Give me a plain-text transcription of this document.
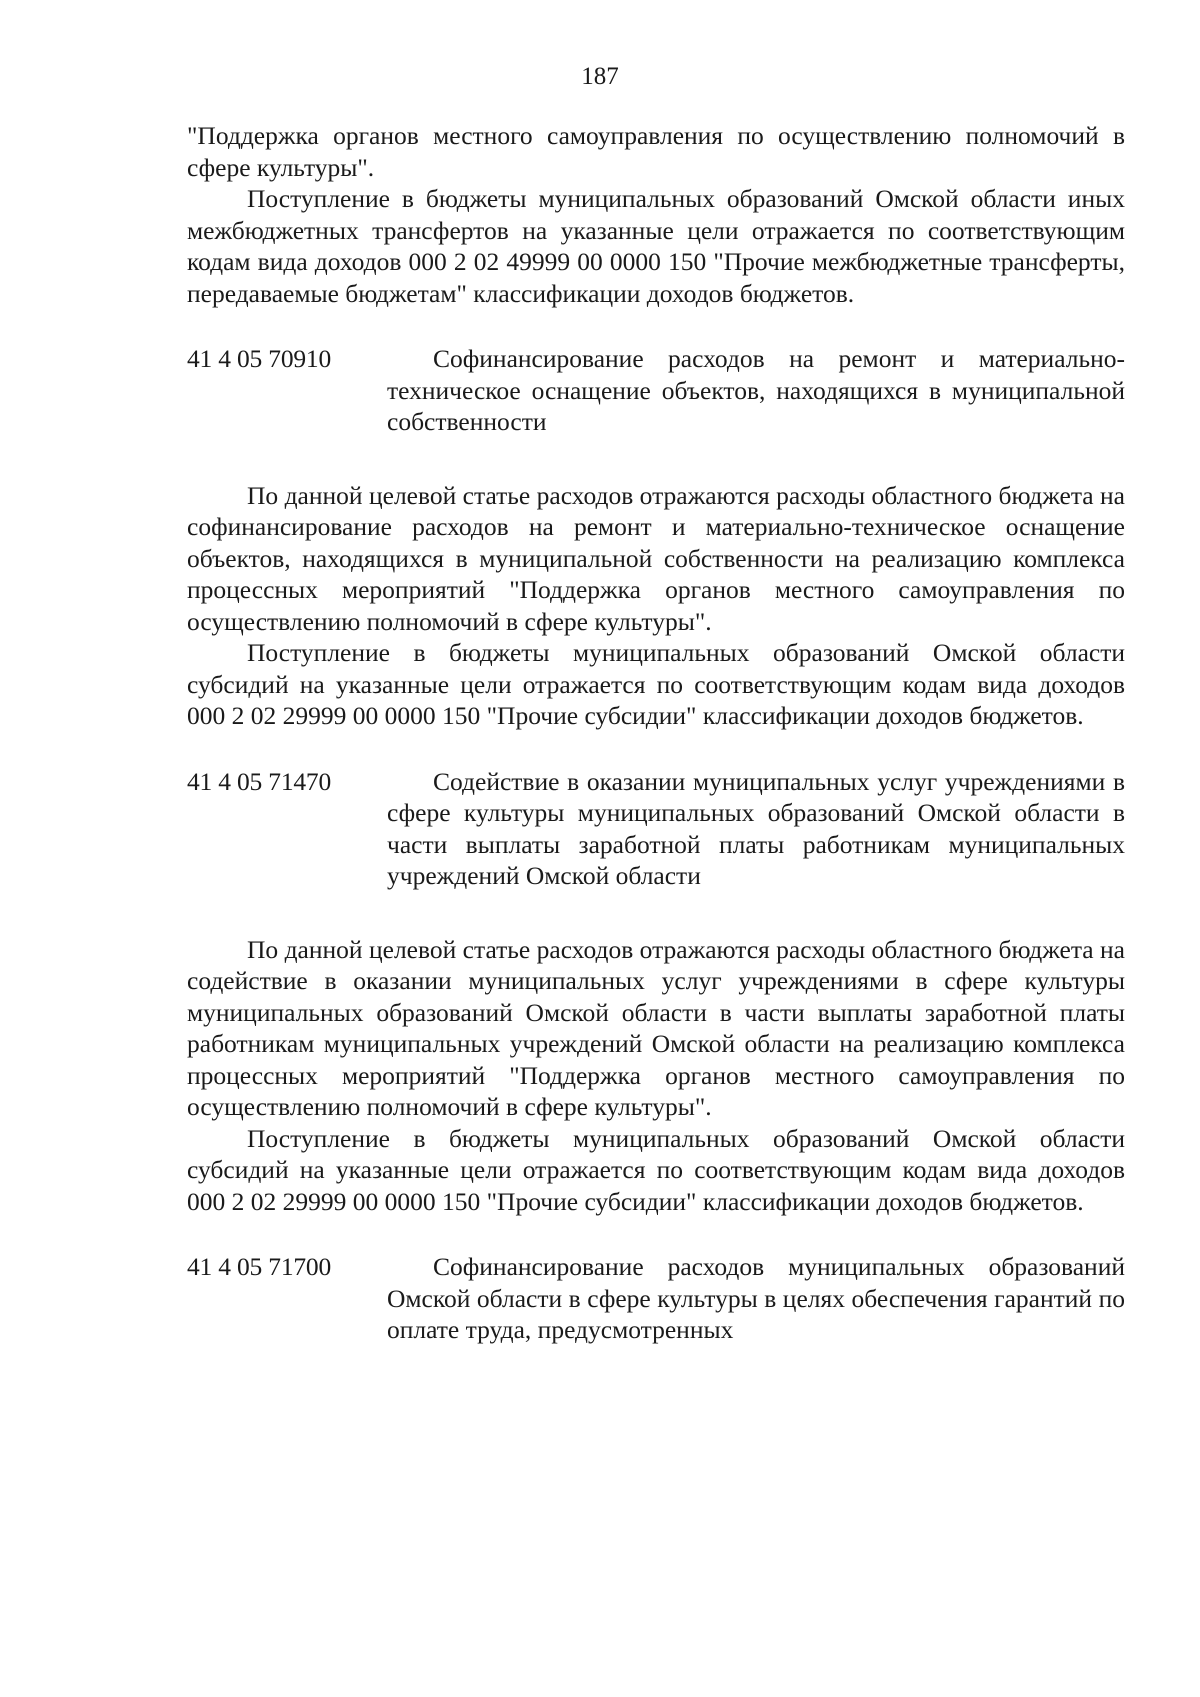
187

"Поддержка органов местного самоуправления по осуществлению полномочий в сфере культуры".

Поступление в бюджеты муниципальных образований Омской области иных межбюджетных трансфертов на указанные цели отражается по соответствующим кодам вида доходов 000 2 02 49999 00 0000 150 "Прочие межбюджетные трансферты, передаваемые бюджетам" классификации доходов бюджетов.

41 4 05 70910	Софинансирование расходов на ремонт и материально-техническое оснащение объектов, находящихся в муниципальной собственности

По данной целевой статье расходов отражаются расходы областного бюджета на софинансирование расходов на ремонт и материально-техническое оснащение объектов, находящихся в муниципальной собственности на реализацию комплекса процессных мероприятий "Поддержка органов местного самоуправления по осуществлению полномочий в сфере культуры".

Поступление в бюджеты муниципальных образований Омской области субсидий на указанные цели отражается по соответствующим кодам вида доходов 000 2 02 29999 00 0000 150 "Прочие субсидии" классификации доходов бюджетов.

41 4 05 71470	Содействие в оказании муниципальных услуг учреждениями в сфере культуры муниципальных образований Омской области в части выплаты заработной платы работникам муниципальных учреждений Омской области

По данной целевой статье расходов отражаются расходы областного бюджета на содействие в оказании муниципальных услуг учреждениями в сфере культуры муниципальных образований Омской области в части выплаты заработной платы работникам муниципальных учреждений Омской области на реализацию комплекса процессных мероприятий "Поддержка органов местного самоуправления по осуществлению полномочий в сфере культуры".

Поступление в бюджеты муниципальных образований Омской области субсидий на указанные цели отражается по соответствующим кодам вида доходов 000 2 02 29999 00 0000 150 "Прочие субсидии" классификации доходов бюджетов.

41 4 05 71700	Софинансирование расходов муниципальных образований Омской области в сфере культуры в целях обеспечения гарантий по оплате труда, предусмотренных
